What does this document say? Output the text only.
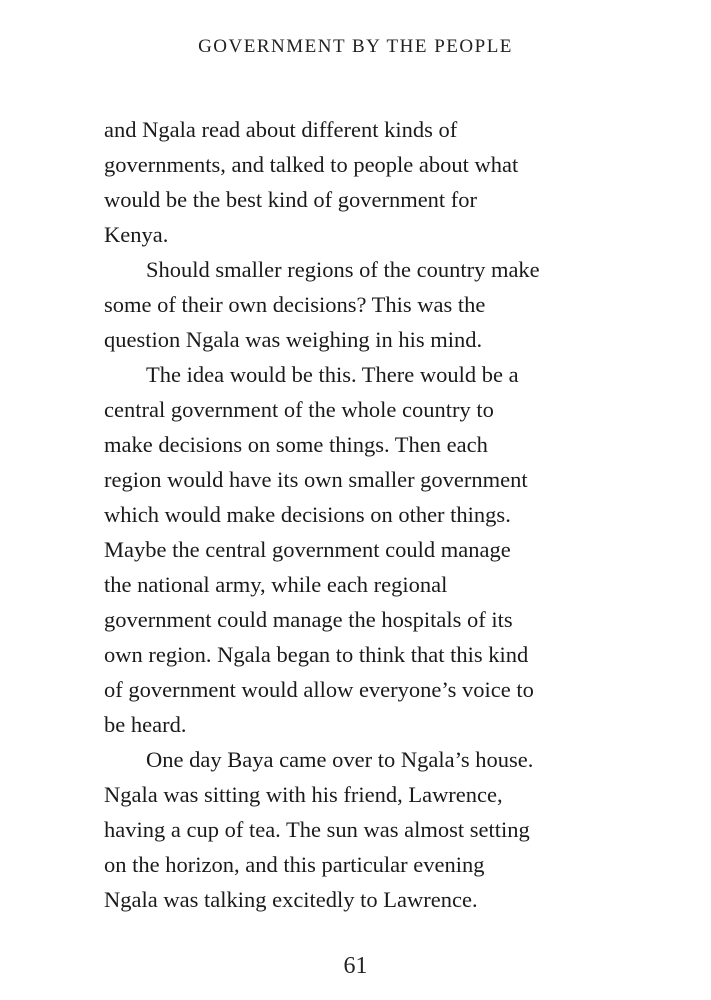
GOVERNMENT BY THE PEOPLE
and Ngala read about different kinds of
governments, and talked to people about what
would be the best kind of government for
Kenya.
Should smaller regions of the country make
some of their own decisions? This was the
question Ngala was weighing in his mind.
The idea would be this. There would be a
central government of the whole country to
make decisions on some things. Then each
region would have its own smaller government
which would make decisions on other things.
Maybe the central government could manage
the national army, while each regional
government could manage the hospitals of its
own region. Ngala began to think that this kind
of government would allow everyone’s voice to
be heard.
One day Baya came over to Ngala’s house.
Ngala was sitting with his friend, Lawrence,
having a cup of tea. The sun was almost setting
on the horizon, and this particular evening
Ngala was talking excitedly to Lawrence.
61
